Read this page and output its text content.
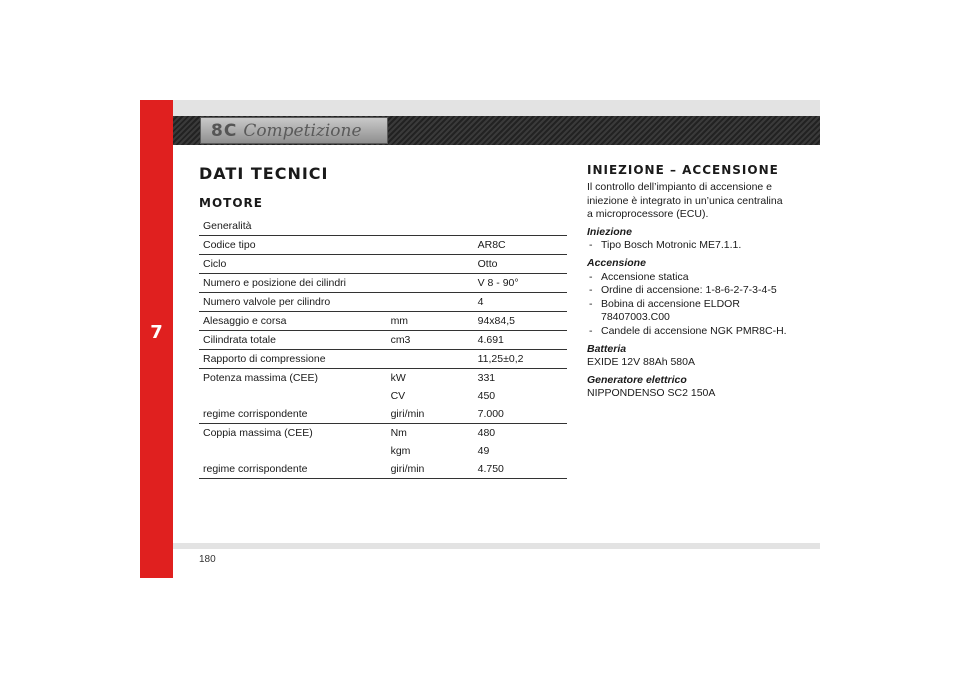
7
8C Competizione
DATI TECNICI
MOTORE
Generalità		
Codice tipo		AR8C
Ciclo		Otto
Numero e posizione dei cilindri		V 8 - 90°
Numero valvole per cilindro		4
Alesaggio e corsa	mm	94x84,5
Cilindrata totale	cm3	4.691
Rapporto di compressione		11,25±0,2
Potenza massima (CEE)	kW	331
	CV	450
regime corrispondente	giri/min	7.000
Coppia massima (CEE)	Nm	480
	kgm	49
regime corrispondente	giri/min	4.750
INIEZIONE – ACCENSIONE

Il controllo dell’impianto di accensione e iniezione è integrato in un’unica centralina a microprocessore (ECU).

Iniezione
- Tipo Bosch Motronic ME7.1.1.
Accensione
- Accensione statica
- Ordine di accensione: 1-8-6-2-7-3-4-5
- Bobina di accensione ELDOR 78407003.C00
- Candele di accensione NGK PMR8C-H.
Batteria

EXIDE 12V 88Ah 580A

Generatore elettrico

NIPPONDENSO SC2 150A

180
